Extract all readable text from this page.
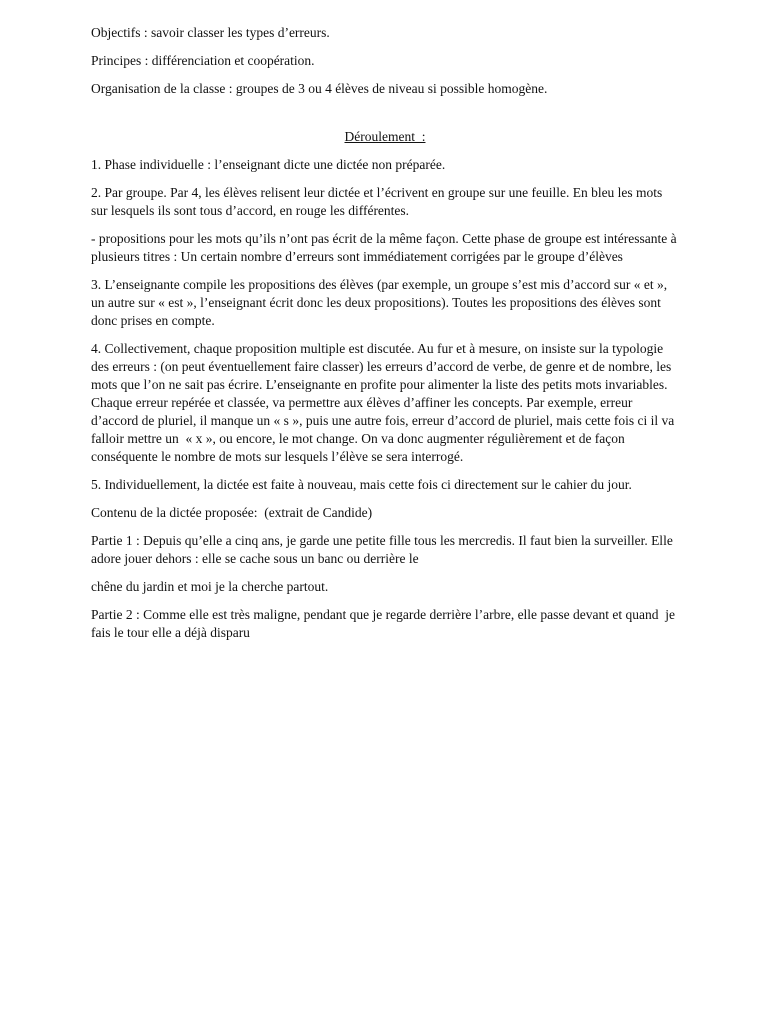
Objectifs : savoir classer les types d’erreurs.

Principes : différenciation et coopération.

Organisation de la classe : groupes de 3 ou 4 élèves de niveau si possible homogène.

Déroulement  :

1. Phase individuelle : l’enseignant dicte une dictée non préparée.

2. Par groupe. Par 4, les élèves relisent leur dictée et l’écrivent en groupe sur une feuille. En bleu les mots sur lesquels ils sont tous d’accord, en rouge les différentes.

- propositions pour les mots qu’ils n’ont pas écrit de la même façon. Cette phase de groupe est intéressante à plusieurs titres : Un certain nombre d’erreurs sont immédiatement corrigées par le groupe d’élèves

3. L’enseignante compile les propositions des élèves (par exemple, un groupe s’est mis d’accord sur « et », un autre sur « est », l’enseignant écrit donc les deux propositions). Toutes les propositions des élèves sont donc prises en compte.

4. Collectivement, chaque proposition multiple est discutée. Au fur et à mesure, on insiste sur la typologie des erreurs : (on peut éventuellement faire classer) les erreurs d’accord de verbe, de genre et de nombre, les mots que l’on ne sait pas écrire. L’enseignante en profite pour alimenter la liste des petits mots invariables. Chaque erreur repérée et classée, va permettre aux élèves d’affiner les concepts. Par exemple, erreur d’accord de pluriel, il manque un « s », puis une autre fois, erreur d’accord de pluriel, mais cette fois ci il va falloir mettre un  « x », ou encore, le mot change. On va donc augmenter régulièrement et de façon conséquente le nombre de mots sur lesquels l’élève se sera interrogé.

5. Individuellement, la dictée est faite à nouveau, mais cette fois ci directement sur le cahier du jour.

Contenu de la dictée proposée:  (extrait de Candide)

Partie 1 : Depuis qu’elle a cinq ans, je garde une petite fille tous les mercredis. Il faut bien la surveiller. Elle adore jouer dehors : elle se cache sous un banc ou derrière le

chêne du jardin et moi je la cherche partout.

Partie 2 : Comme elle est très maligne, pendant que je regarde derrière l’arbre, elle passe devant et quand  je fais le tour elle a déjà disparu
